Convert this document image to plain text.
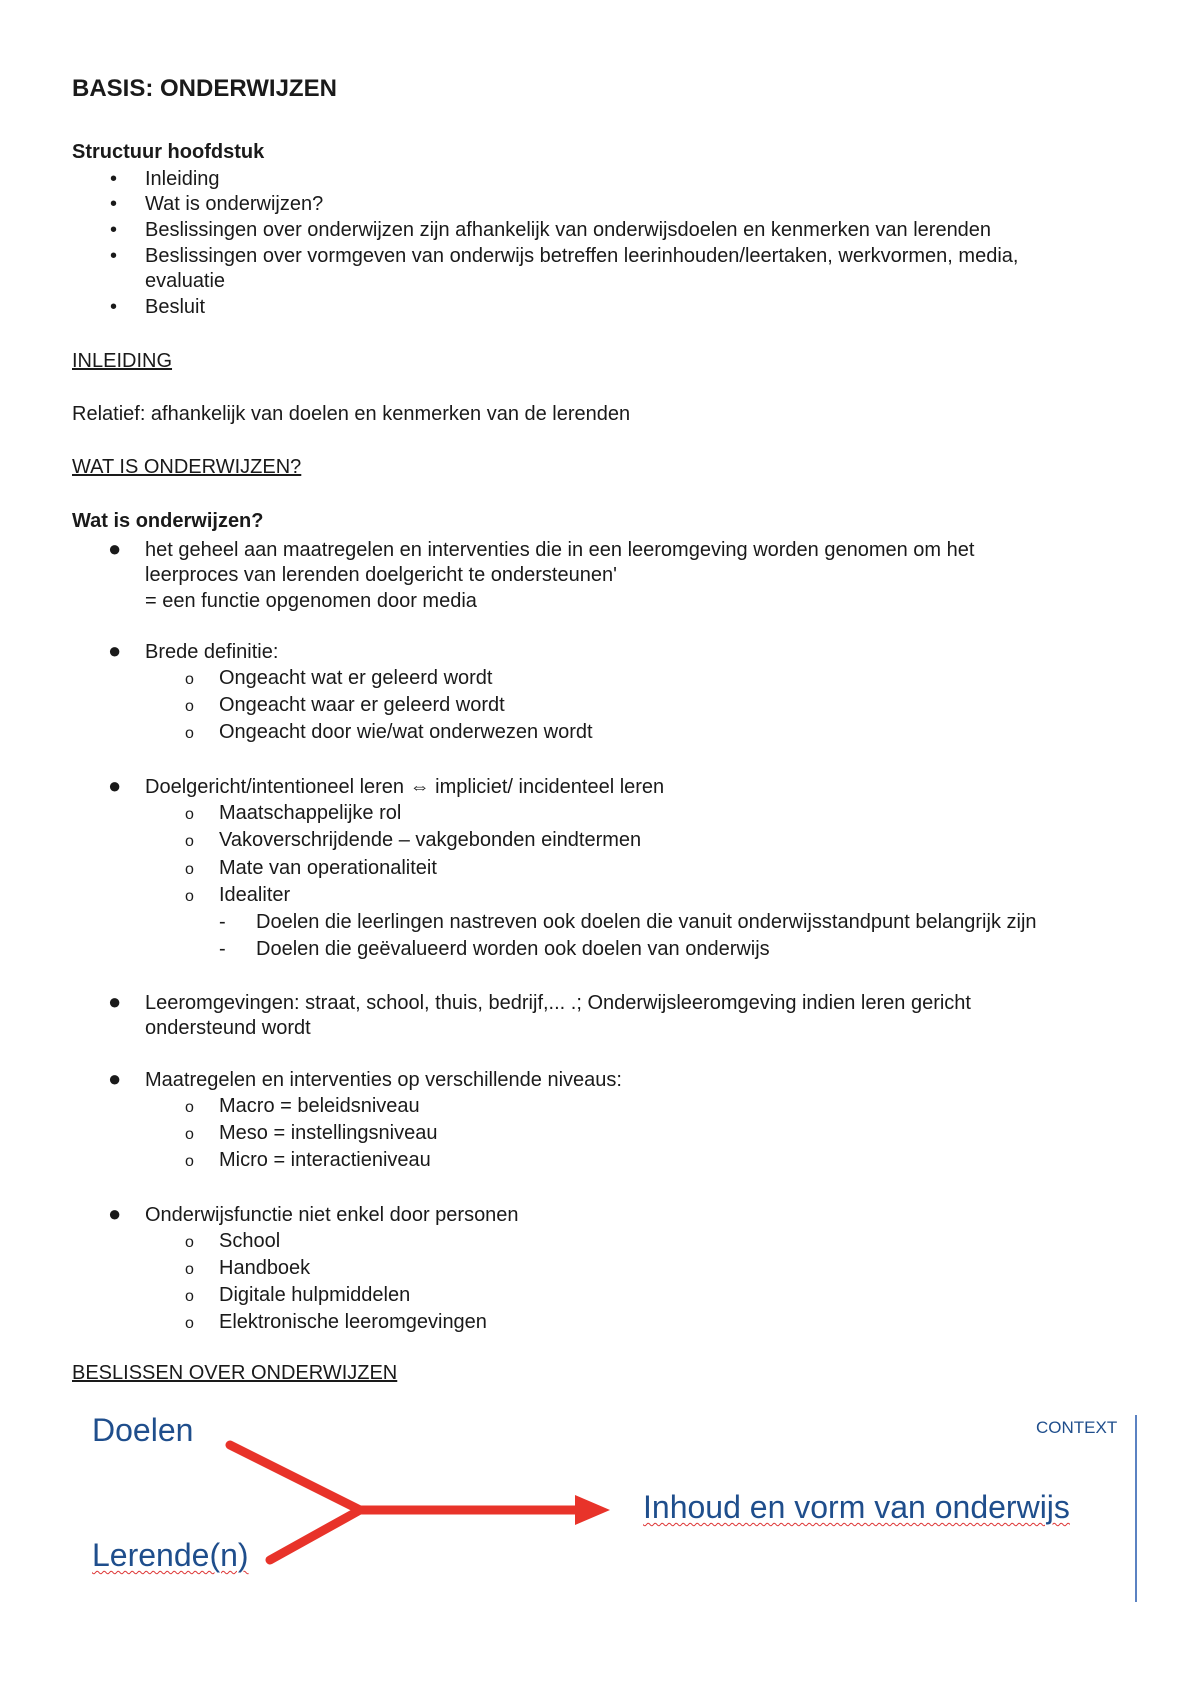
BASIS: ONDERWIJZEN
Structuur hoofdstuk
• Inleiding
• Wat is onderwijzen?
• Beslissingen over onderwijzen zijn afhankelijk van onderwijsdoelen en kenmerken van lerenden
• Beslissingen over vormgeven van onderwijs betreffen leerinhouden/leertaken, werkvormen, media,
evaluatie
• Besluit
INLEIDING
Relatief: afhankelijk van doelen en kenmerken van de lerenden
WAT IS ONDERWIJZEN?
Wat is onderwijzen?
● het geheel aan maatregelen en interventies die in een leeromgeving worden genomen om het
leerproces van lerenden doelgericht te ondersteunen'
= een functie opgenomen door media
● Brede definitie:
o Ongeacht wat er geleerd wordt
o Ongeacht waar er geleerd wordt
o Ongeacht door wie/wat onderwezen wordt
● Doelgericht/intentioneel leren ⇔ impliciet/ incidenteel leren
o Maatschappelijke rol
o Vakoverschrijdende – vakgebonden eindtermen
o Mate van operationaliteit
o Idealiter
- Doelen die leerlingen nastreven ook doelen die vanuit onderwijsstandpunt belangrijk zijn
- Doelen die geëvalueerd worden ook doelen van onderwijs
● Leeromgevingen: straat, school, thuis, bedrijf,... .; Onderwijsleeromgeving indien leren gericht
ondersteund wordt
● Maatregelen en interventies op verschillende niveaus:
o Macro = beleidsniveau
o Meso = instellingsniveau
o Micro = interactieniveau
● Onderwijsfunctie niet enkel door personen
o School
o Handboek
o Digitale hulpmiddelen
o Elektronische leeromgevingen
BESLISSEN OVER ONDERWIJZEN
Doelen
Lerende(n)
Inhoud en vorm van onderwijs
CONTEXT
